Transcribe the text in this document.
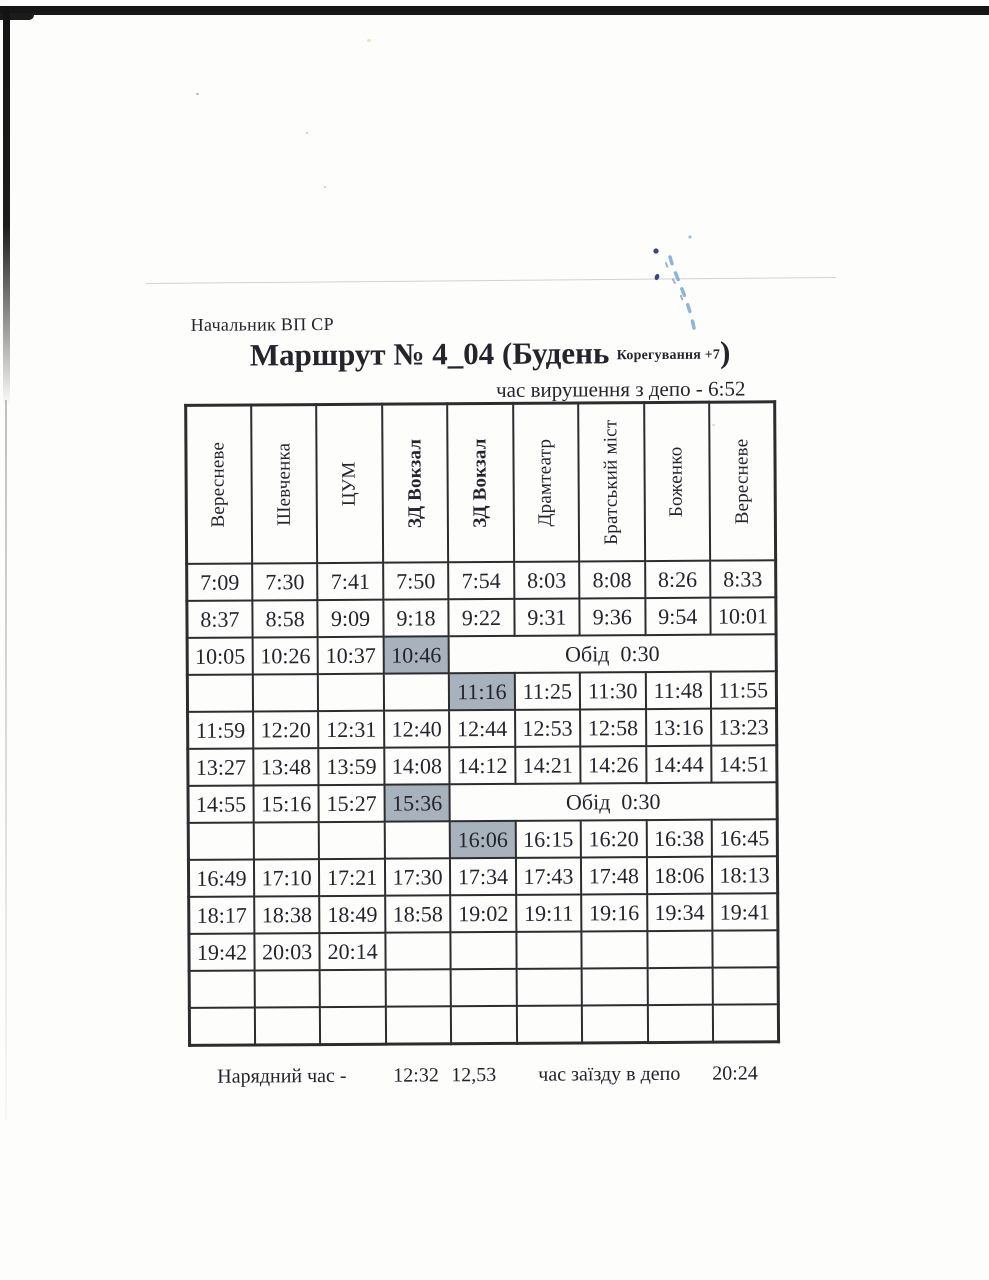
Начальник ВП СР
Маршрут № 4_04 (Будень Корегування +7)
час вирушення з депо - 6:52
Вересневе	Шевченка	ЦУМ	ЗД Вокзал	ЗД Вокзал	Драмтеатр	Братський міст	Боженко	Вересневе

7:09	7:30	7:41	7:50	7:54	8:03	8:08	8:26	8:33
8:37	8:58	9:09	9:18	9:22	9:31	9:36	9:54	10:01
10:05	10:26	10:37	10:46	Обід  0:30				
				11:16	11:25	11:30	11:48	11:55
11:59	12:20	12:31	12:40	12:44	12:53	12:58	13:16	13:23
13:27	13:48	13:59	14:08	14:12	14:21	14:26	14:44	14:51
14:55	15:16	15:27	15:36	Обід  0:30				
				16:06	16:15	16:20	16:38	16:45
16:49	17:10	17:21	17:30	17:34	17:43	17:48	18:06	18:13
18:17	18:38	18:49	18:58	19:02	19:11	19:16	19:34	19:41
19:42	20:03	20:14						

Нарядний час - 12:32 12,53 час заїзду в депо 20:24
